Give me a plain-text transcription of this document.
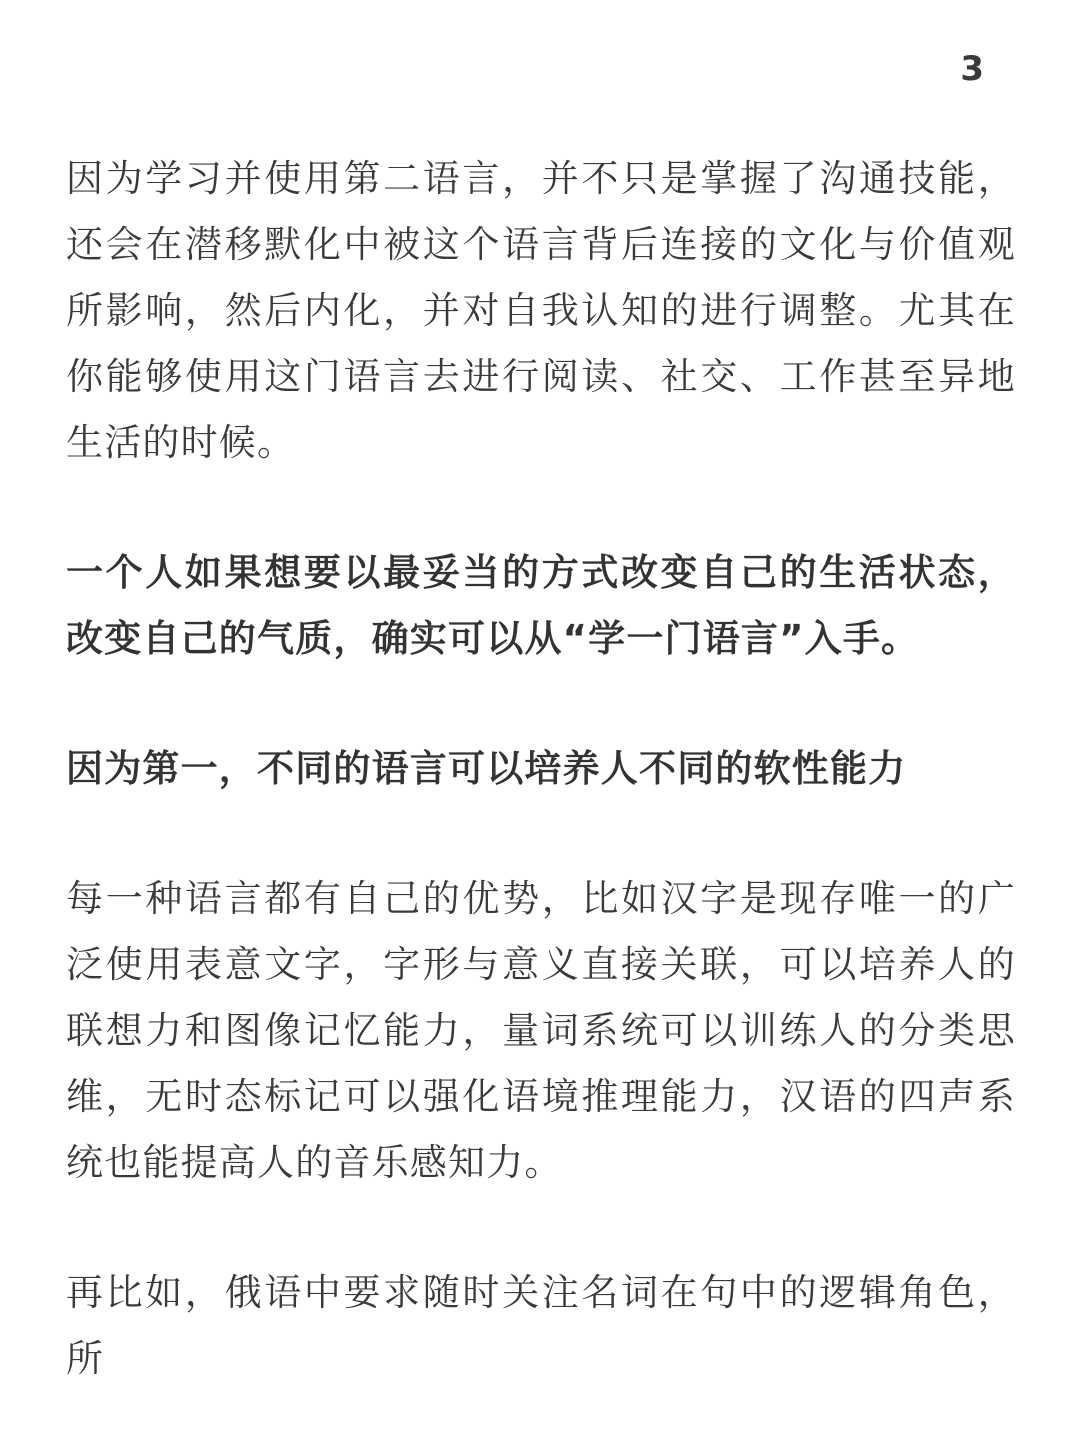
3

因为学习并使用第二语言，并不只是掌握了沟通技能，还会在潜移默化中被这个语言背后连接的文化与价值观所影响，然后内化，并对自我认知的进行调整。尤其在你能够使用这门语言去进行阅读、社交、工作甚至异地生活的时候。

一个人如果想要以最妥当的方式改变自己的生活状态，改变自己的气质，确实可以从“学一门语言”入手。

因为第一，不同的语言可以培养人不同的软性能力

每一种语言都有自己的优势，比如汉字是现存唯一的广泛使用表意文字，字形与意义直接关联，可以培养人的联想力和图像记忆能力，量词系统可以训练人的分类思维，无时态标记可以强化语境推理能力，汉语的四声系统也能提高人的音乐感知力。

再比如，俄语中要求随时关注名词在句中的逻辑角色，所
